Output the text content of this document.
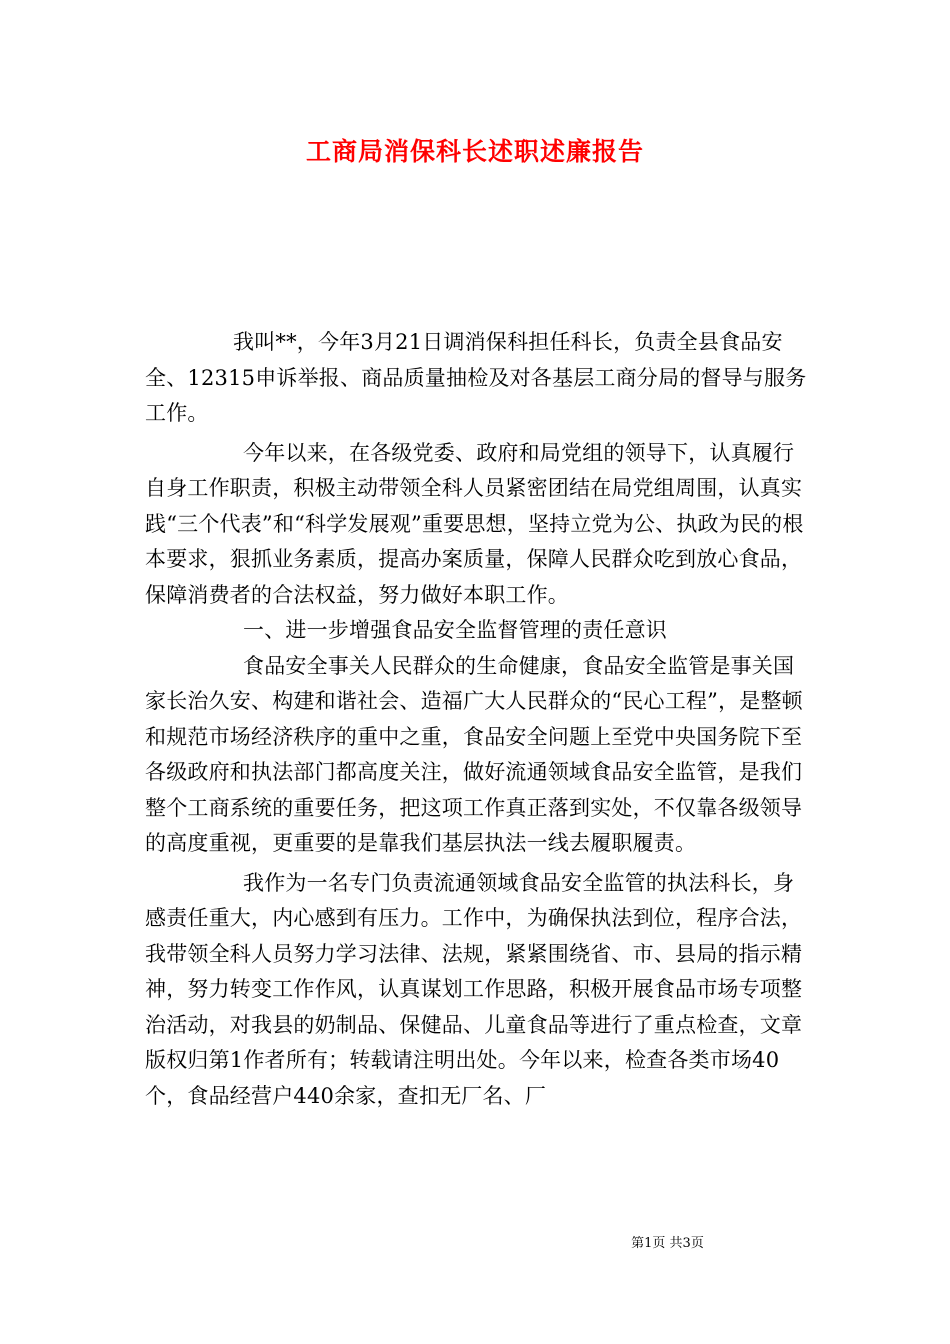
工商局消保科长述职述廉报告

我叫**，今年3月21日调消保科担任科长，负责全县食品安全、12315申诉举报、商品质量抽检及对各基层工商分局的督导与服务工作。

今年以来，在各级党委、政府和局党组的领导下，认真履行自身工作职责，积极主动带领全科人员紧密团结在局党组周围，认真实践“三个代表”和“科学发展观”重要思想，坚持立党为公、执政为民的根本要求，狠抓业务素质，提高办案质量，保障人民群众吃到放心食品，保障消费者的合法权益，努力做好本职工作。

一、进一步增强食品安全监督管理的责任意识

食品安全事关人民群众的生命健康，食品安全监管是事关国家长治久安、构建和谐社会、造福广大人民群众的“民心工程”，是整顿和规范市场经济秩序的重中之重，食品安全问题上至党中央国务院下至各级政府和执法部门都高度关注，做好流通领域食品安全监管，是我们整个工商系统的重要任务，把这项工作真正落到实处，不仅靠各级领导的高度重视，更重要的是靠我们基层执法一线去履职履责。

我作为一名专门负责流通领域食品安全监管的执法科长，身感责任重大，内心感到有压力。工作中，为确保执法到位，程序合法，我带领全科人员努力学习法律、法规，紧紧围绕省、市、县局的指示精神，努力转变工作作风，认真谋划工作思路，积极开展食品市场专项整治活动，对我县的奶制品、保健品、儿童食品等进行了重点检查，文章版权归第1作者所有；转载请注明出处。今年以来，检查各类市场40个，食品经营户440余家，查扣无厂名、厂

第1页 共3页
